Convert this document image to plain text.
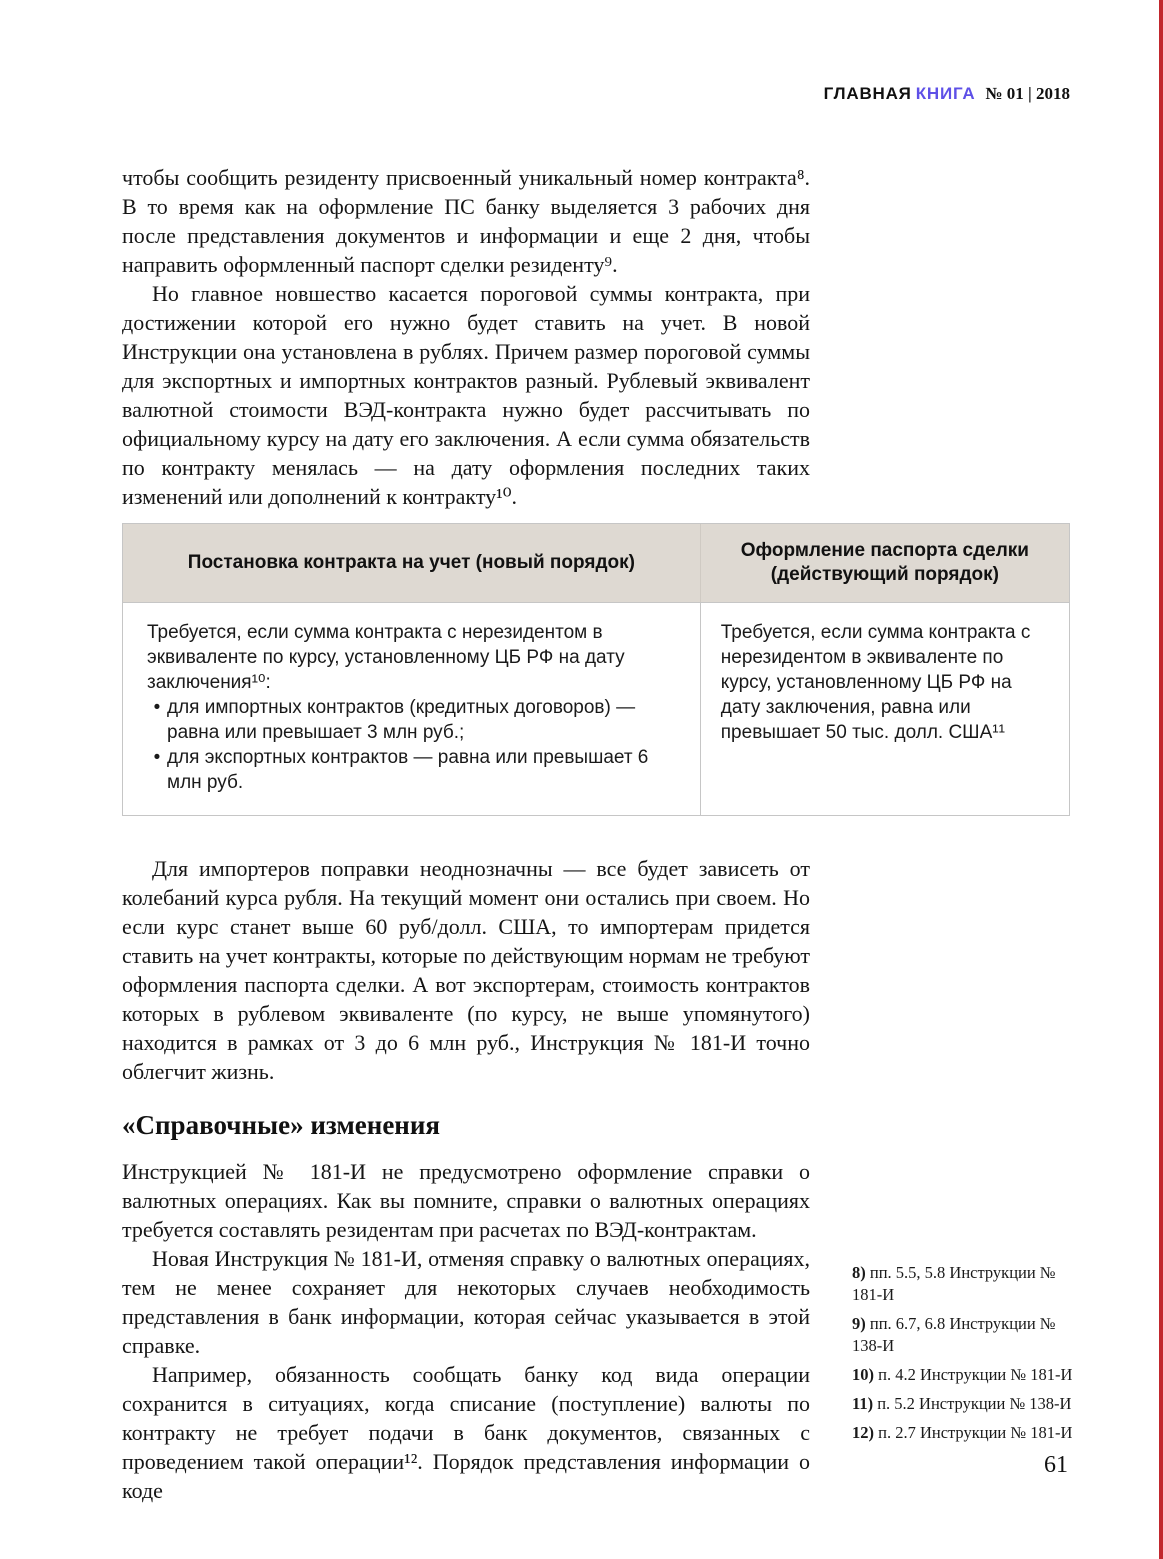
ГЛАВНАЯ КНИГА № 01 | 2018

чтобы сообщить резиденту присвоенный уникальный номер контракта⁸. В то время как на оформление ПС банку выделяется 3 рабочих дня после представления документов и информации и еще 2 дня, чтобы направить оформленный паспорт сделки резиденту⁹.

Но главное новшество касается пороговой суммы контракта, при достижении которой его нужно будет ставить на учет. В новой Инструкции она установлена в рублях. Причем размер пороговой суммы для экспортных и импортных контрактов разный. Рублевый эквивалент валютной стоимости ВЭД-контракта нужно будет рассчитывать по официальному курсу на дату его заключения. А если сумма обязательств по контракту менялась — на дату оформления последних таких изменений или дополнений к контракту¹⁰.

Постановка контракта на учет (новый порядок)
Оформление паспорта сделки (действующий порядок)
Требуется, если сумма контракта с нерезидентом в эквиваленте по курсу, установленному ЦБ РФ на дату заключения¹⁰:
• для импортных контрактов (кредитных договоров) — равна или превышает 3 млн руб.;
• для экспортных контрактов — равна или превышает 6 млн руб.
Требуется, если сумма контракта с нерезидентом в эквиваленте по курсу, установленному ЦБ РФ на дату заключения, равна или превышает 50 тыс. долл. США¹¹

Для импортеров поправки неоднозначны — все будет зависеть от колебаний курса рубля. На текущий момент они остались при своем. Но если курс станет выше 60 руб/долл. США, то импортерам придется ставить на учет контракты, которые по действующим нормам не требуют оформления паспорта сделки. А вот экспортерам, стоимость контрактов которых в рублевом эквиваленте (по курсу, не выше упомянутого) находится в рамках от 3 до 6 млн руб., Инструкция № 181-И точно облегчит жизнь.

«Справочные» изменения

Инструкцией № 181-И не предусмотрено оформление справки о валютных операциях. Как вы помните, справки о валютных операциях требуется составлять резидентам при расчетах по ВЭД-контрактам.

Новая Инструкция № 181-И, отменяя справку о валютных операциях, тем не менее сохраняет для некоторых случаев необходимость представления в банк информации, которая сейчас указывается в этой справке.

Например, обязанность сообщать банку код вида операции сохранится в ситуациях, когда списание (поступление) валюты по контракту не требует подачи в банк документов, связанных с проведением такой операции¹². Порядок представления информации о коде

8) пп. 5.5, 5.8 Инструкции № 181-И
9) пп. 6.7, 6.8 Инструкции № 138-И
10) п. 4.2 Инструкции № 181-И
11) п. 5.2 Инструкции № 138-И
12) п. 2.7 Инструкции № 181-И
61
